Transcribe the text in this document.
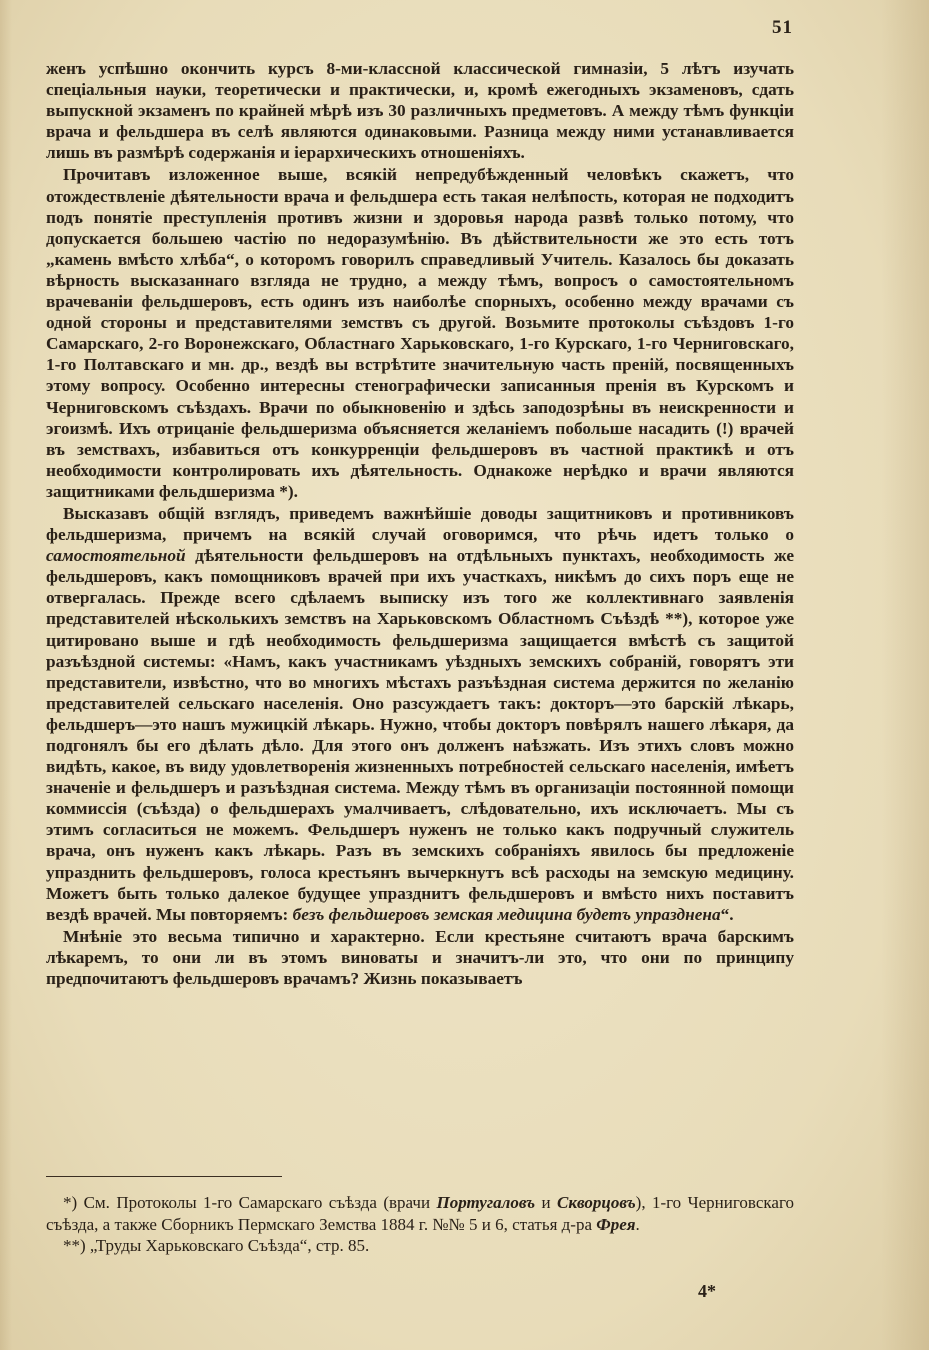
51

женъ успѣшно окончить курсъ 8-ми-классной классической гимназіи, 5 лѣтъ изучать спеціальныя науки, теоретически и практически, и, кромѣ ежегодныхъ экзаменовъ, сдать выпускной экзаменъ по крайней мѣрѣ изъ 30 различныхъ предметовъ. А между тѣмъ функціи врача и фельдшера въ селѣ являются одинаковыми. Разница между ними устанавливается лишь въ размѣрѣ содержанія и іерархическихъ отношеніяхъ.

Прочитавъ изложенное выше, всякій непредубѣжденный человѣкъ скажетъ, что отождествленіе дѣятельности врача и фельдшера есть такая нелѣпость, которая не подходитъ подъ понятіе преступленія противъ жизни и здоровья народа развѣ только потому, что допускается большею частію по недоразумѣнію. Въ дѣйствительности же это есть тотъ „камень вмѣсто хлѣба“, о которомъ говорилъ справедливый Учитель. Казалось бы доказать вѣрность высказаннаго взгляда не трудно, а между тѣмъ, вопросъ о самостоятельномъ врачеваніи фельдшеровъ, есть одинъ изъ наиболѣе спорныхъ, особенно между врачами съ одной стороны и представителями земствъ съ другой. Возьмите протоколы съѣздовъ 1-го Самарскаго, 2-го Воронежскаго, Областнаго Харьковскаго, 1-го Курскаго, 1-го Черниговскаго, 1-го Полтавскаго и мн. др., вездѣ вы встрѣтите значительную часть преній, посвященныхъ этому вопросу. Особенно интересны стенографически записанныя пренія въ Курскомъ и Черниговскомъ съѣздахъ. Врачи по обыкновенію и здѣсь заподозрѣны въ неискренности и эгоизмѣ. Ихъ отрицаніе фельдшеризма объясняется желаніемъ побольше насадить (!) врачей въ земствахъ, избавиться отъ конкурренціи фельдшеровъ въ частной практикѣ и отъ необходимости контролировать ихъ дѣятельность. Однакоже нерѣдко и врачи являются защитниками фельдшеризма *).

Высказавъ общій взглядъ, приведемъ важнѣйшіе доводы защитниковъ и противниковъ фельдшеризма, причемъ на всякій случай оговоримся, что рѣчь идетъ только о самостоятельной дѣятельности фельдшеровъ на отдѣльныхъ пунктахъ, необходимость же фельдшеровъ, какъ помощниковъ врачей при ихъ участкахъ, никѣмъ до сихъ поръ еще не отвергалась. Прежде всего сдѣлаемъ выписку изъ того же коллективнаго заявленія представителей нѣсколькихъ земствъ на Харьковскомъ Областномъ Съѣздѣ **), которое уже цитировано выше и гдѣ необходимость фельдшеризма защищается вмѣстѣ съ защитой разъѣздной системы: «Намъ, какъ участникамъ уѣздныхъ земскихъ собраній, говорятъ эти представители, извѣстно, что во многихъ мѣстахъ разъѣздная система держится по желанію представителей сельскаго населенія. Оно разсуждаетъ такъ: докторъ—это барскій лѣкарь, фельдшеръ—это нашъ мужицкій лѣкарь. Нужно, чтобы докторъ повѣрялъ нашего лѣкаря, да подгонялъ бы его дѣлать дѣло. Для этого онъ долженъ наѣзжать. Изъ этихъ словъ можно видѣть, какое, въ виду удовлетворенія жизненныхъ потребностей сельскаго населенія, имѣетъ значеніе и фельдшеръ и разъѣздная система. Между тѣмъ въ организаціи постоянной помощи коммиссія (съѣзда) о фельдшерахъ умалчиваетъ, слѣдовательно, ихъ исключаетъ. Мы съ этимъ согласиться не можемъ. Фельдшеръ нуженъ не только какъ подручный служитель врача, онъ нуженъ какъ лѣкарь. Разъ въ земскихъ собраніяхъ явилось бы предложеніе упразднить фельдшеровъ, голоса крестьянъ вычеркнутъ всѣ расходы на земскую медицину. Можетъ быть только далекое будущее упразднитъ фельдшеровъ и вмѣсто нихъ поставитъ вездѣ врачей. Мы повторяемъ: безъ фельдшеровъ земская медицина будетъ упразднена“.

Мнѣніе это весьма типично и характерно. Если крестьяне считаютъ врача барскимъ лѣкаремъ, то они ли въ этомъ виноваты и значитъ-ли это, что они по принципу предпочитаютъ фельдшеровъ врачамъ? Жизнь показываетъ

*) См. Протоколы 1-го Самарскаго съѣзда (врачи Португаловъ и Скворцовъ), 1-го Черниговскаго съѣзда, а также Сборникъ Пермскаго Земства 1884 г. №№ 5 и 6, статья д-ра Фрея.

**) „Труды Харьковскаго Съѣзда“, стр. 85.

4*
